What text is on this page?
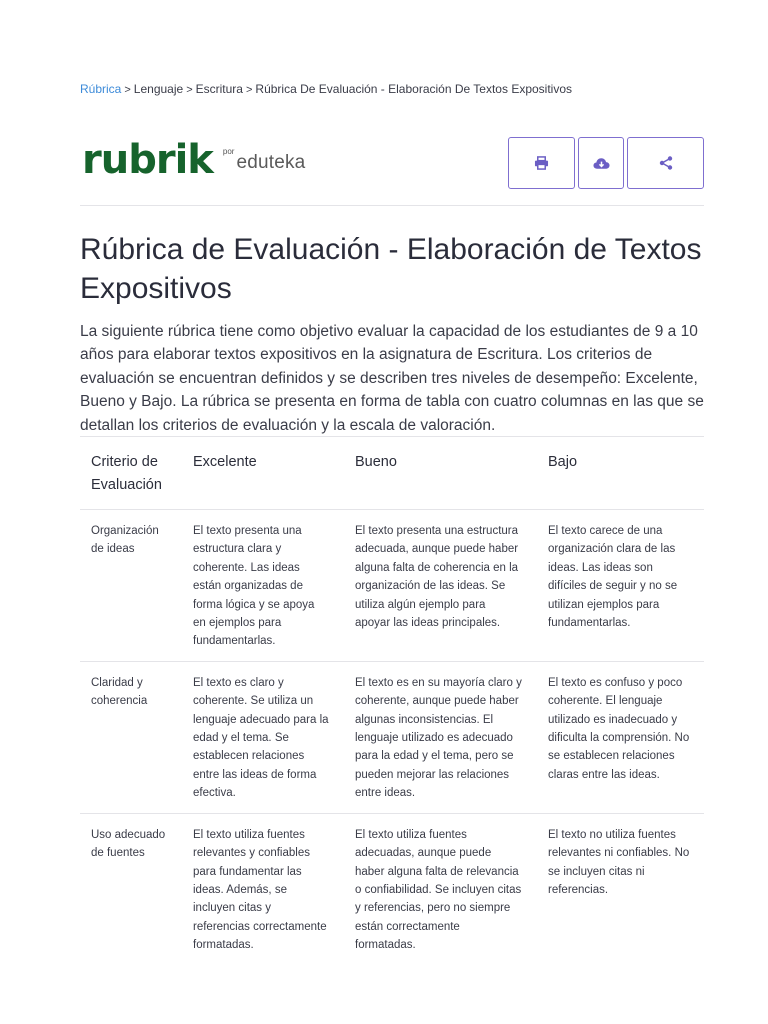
Rúbrica > Lenguaje > Escritura > Rúbrica De Evaluación - Elaboración De Textos Expositivos
rubrik por
eduteka
Rúbrica de Evaluación - Elaboración de Textos Expositivos

La siguiente rúbrica tiene como objetivo evaluar la capacidad de los estudiantes de 9 a 10 años para elaborar textos expositivos en la asignatura de Escritura. Los criterios de evaluación se encuentran definidos y se describen tres niveles de desempeño: Excelente, Bueno y Bajo. La rúbrica se presenta en forma de tabla con cuatro columnas en las que se detallan los criterios de evaluación y la escala de valoración.

Criterio de Evaluación	Excelente	Bueno	Bajo
Organización de ideas	El texto presenta una estructura clara y coherente. Las ideas están organizadas de forma lógica y se apoya en ejemplos para fundamentarlas.	El texto presenta una estructura adecuada, aunque puede haber alguna falta de coherencia en la organización de las ideas. Se utiliza algún ejemplo para apoyar las ideas principales.	El texto carece de una organización clara de las ideas. Las ideas son difíciles de seguir y no se utilizan ejemplos para fundamentarlas.
Claridad y coherencia	El texto es claro y coherente. Se utiliza un lenguaje adecuado para la edad y el tema. Se establecen relaciones entre las ideas de forma efectiva.	El texto es en su mayoría claro y coherente, aunque puede haber algunas inconsistencias. El lenguaje utilizado es adecuado para la edad y el tema, pero se pueden mejorar las relaciones entre ideas.	El texto es confuso y poco coherente. El lenguaje utilizado es inadecuado y dificulta la comprensión. No se establecen relaciones claras entre las ideas.
Uso adecuado de fuentes	El texto utiliza fuentes relevantes y confiables para fundamentar las ideas. Además, se incluyen citas y referencias correctamente formatadas.	El texto utiliza fuentes adecuadas, aunque puede haber alguna falta de relevancia o confiabilidad. Se incluyen citas y referencias, pero no siempre están correctamente formatadas.	El texto no utiliza fuentes relevantes ni confiables. No se incluyen citas ni referencias.
